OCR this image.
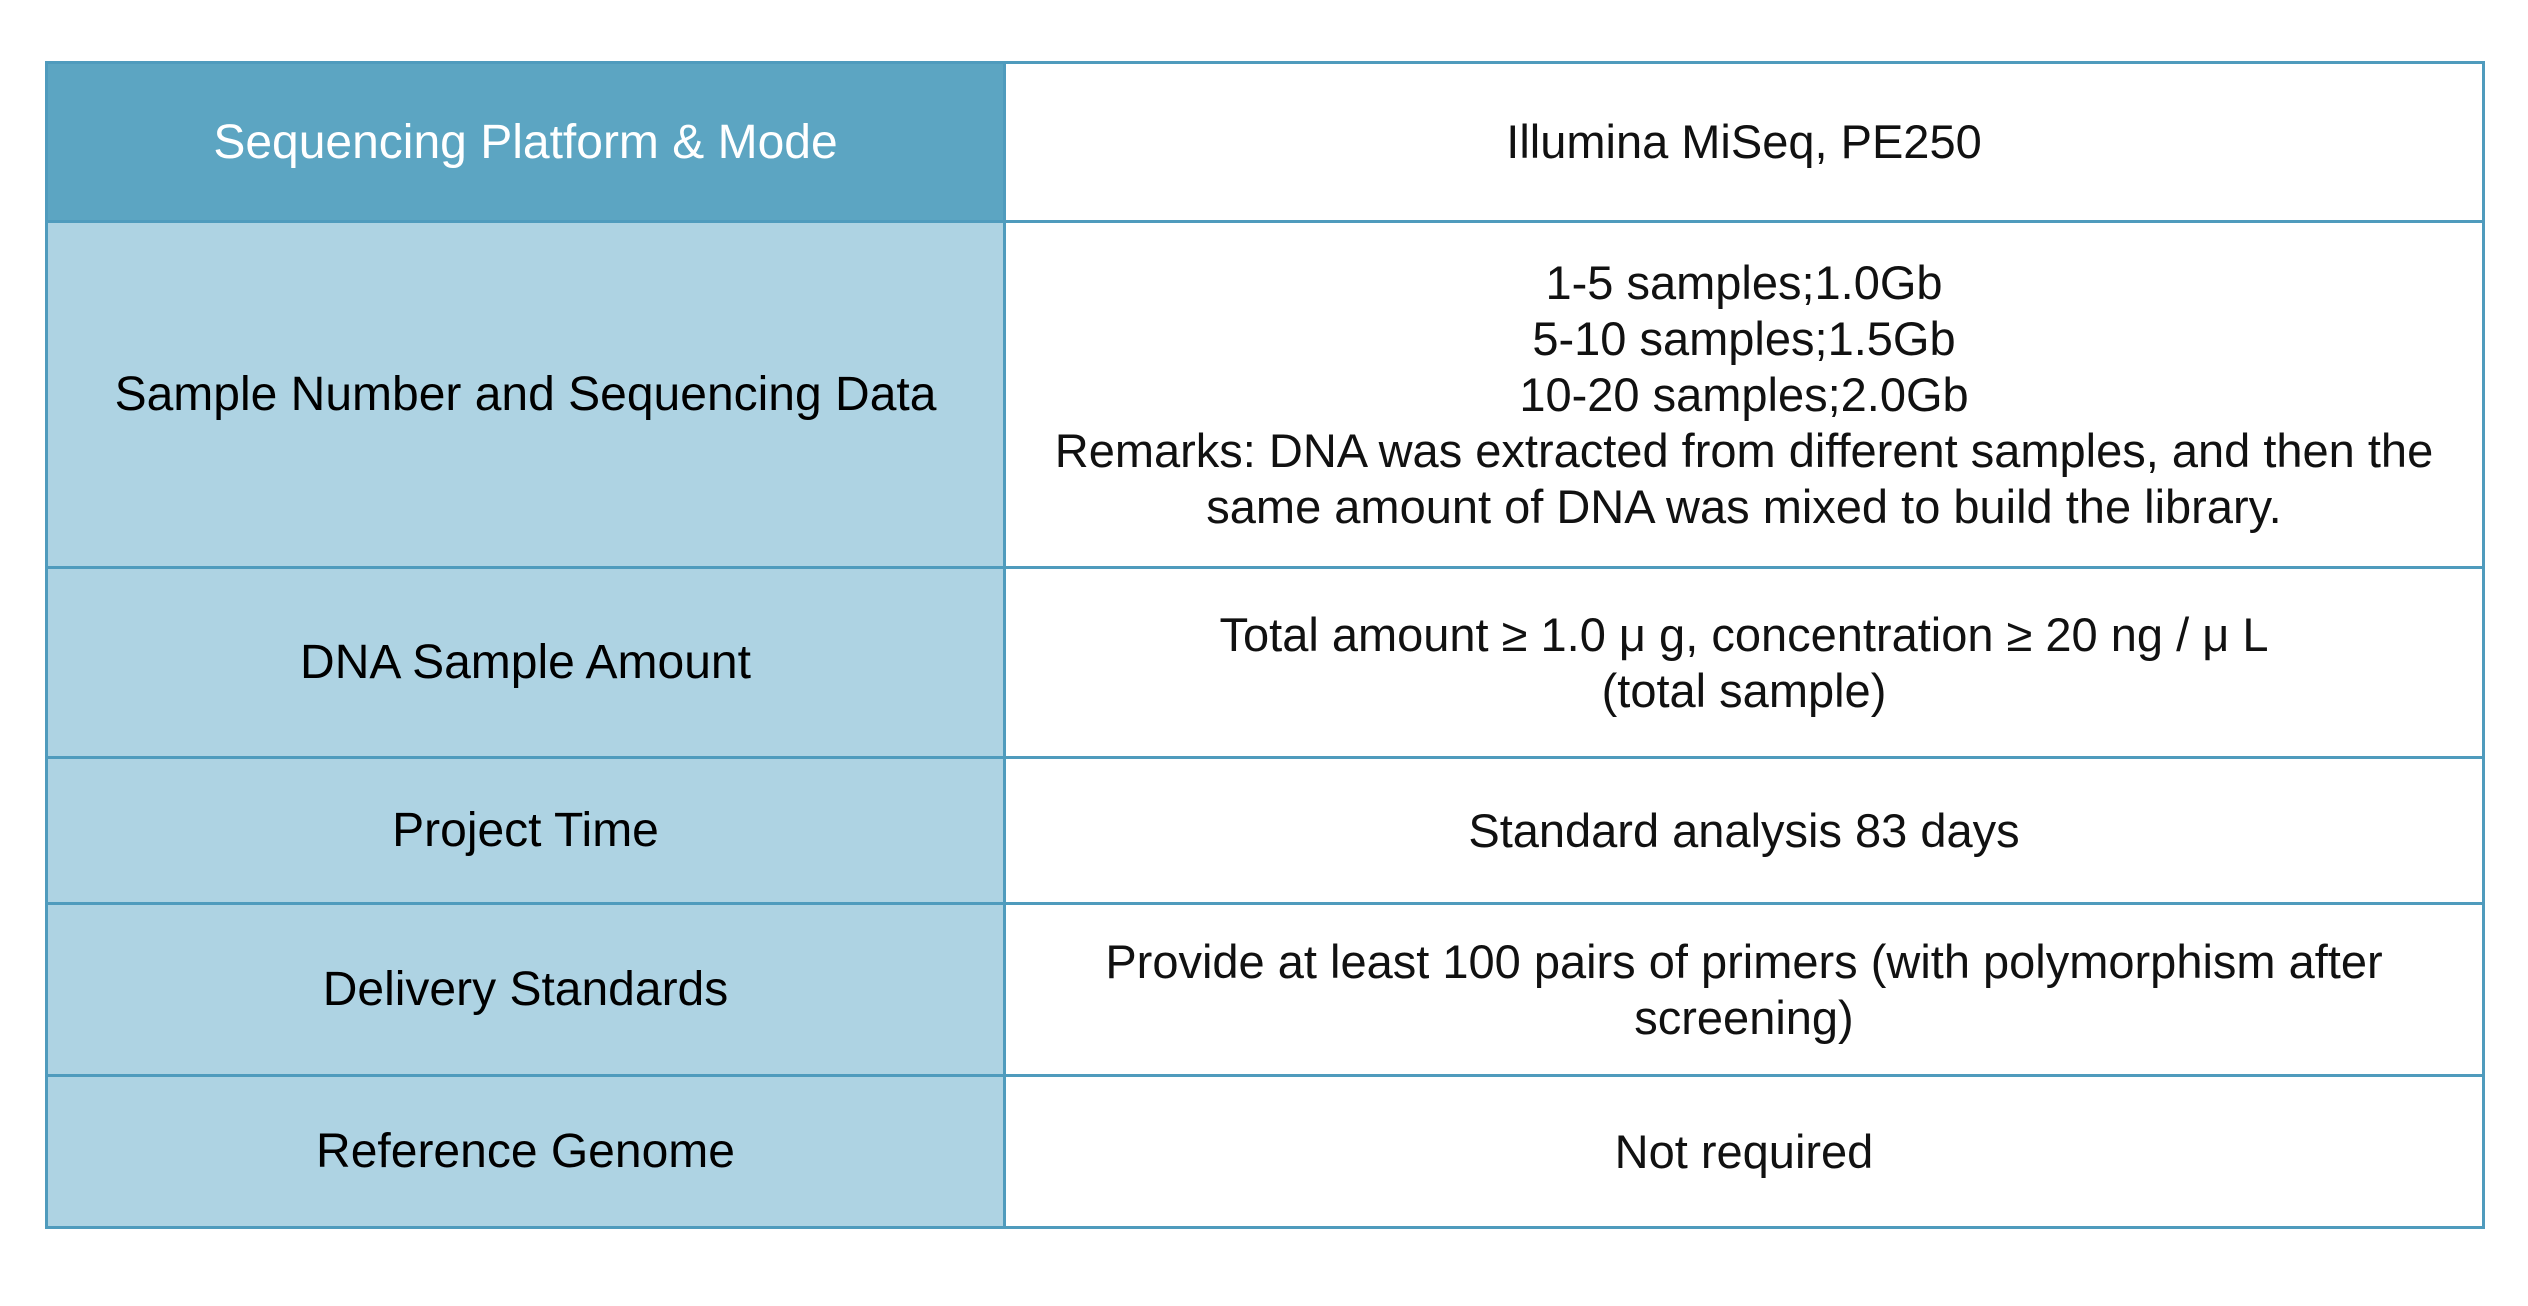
Sequencing Platform & Mode	Illumina MiSeq, PE250

Sample Number and Sequencing Data	1-5 samples;1.0Gb
5-10 samples;1.5Gb
10-20 samples;2.0Gb
Remarks: DNA was extracted from different samples, and then the
same amount of DNA was mixed to build the library.

DNA Sample Amount	Total amount ≥ 1.0 μ g, concentration ≥ 20 ng / μ L
(total sample)

Project Time	Standard analysis 83 days

Delivery Standards	Provide at least 100 pairs of primers (with polymorphism after
screening)

Reference Genome	Not required
